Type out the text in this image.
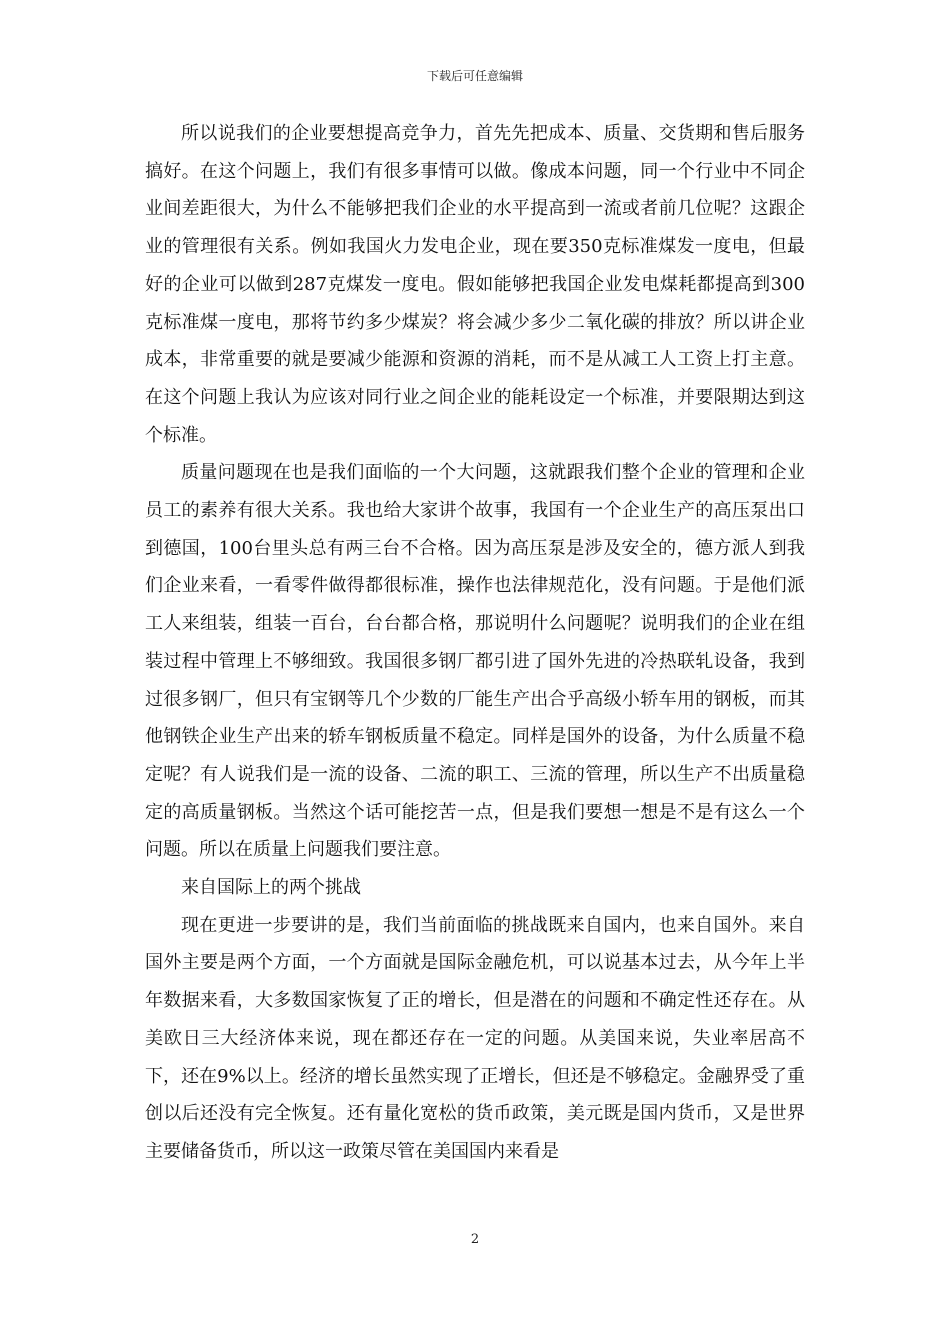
下载后可任意编辑

所以说我们的企业要想提高竞争力，首先先把成本、质量、交货期和售后服务搞好。在这个问题上，我们有很多事情可以做。像成本问题，同一个行业中不同企业间差距很大，为什么不能够把我们企业的水平提高到一流或者前几位呢？这跟企业的管理很有关系。例如我国火力发电企业，现在要350克标准煤发一度电，但最好的企业可以做到287克煤发一度电。假如能够把我国企业发电煤耗都提高到300克标准煤一度电，那将节约多少煤炭？将会减少多少二氧化碳的排放？所以讲企业成本，非常重要的就是要减少能源和资源的消耗，而不是从减工人工资上打主意。在这个问题上我认为应该对同行业之间企业的能耗设定一个标准，并要限期达到这个标准。

质量问题现在也是我们面临的一个大问题，这就跟我们整个企业的管理和企业员工的素养有很大关系。我也给大家讲个故事，我国有一个企业生产的高压泵出口到德国，100台里头总有两三台不合格。因为高压泵是涉及安全的，德方派人到我们企业来看，一看零件做得都很标准，操作也法律规范化，没有问题。于是他们派工人来组装，组装一百台，台台都合格，那说明什么问题呢？说明我们的企业在组装过程中管理上不够细致。我国很多钢厂都引进了国外先进的冷热联轧设备，我到过很多钢厂，但只有宝钢等几个少数的厂能生产出合乎高级小轿车用的钢板，而其他钢铁企业生产出来的轿车钢板质量不稳定。同样是国外的设备，为什么质量不稳定呢？有人说我们是一流的设备、二流的职工、三流的管理，所以生产不出质量稳定的高质量钢板。当然这个话可能挖苦一点，但是我们要想一想是不是有这么一个问题。所以在质量上问题我们要注意。

来自国际上的两个挑战

现在更进一步要讲的是，我们当前面临的挑战既来自国内，也来自国外。来自国外主要是两个方面，一个方面就是国际金融危机，可以说基本过去，从今年上半年数据来看，大多数国家恢复了正的增长，但是潜在的问题和不确定性还存在。从美欧日三大经济体来说，现在都还存在一定的问题。从美国来说，失业率居高不下，还在9%以上。经济的增长虽然实现了正增长，但还是不够稳定。金融界受了重创以后还没有完全恢复。还有量化宽松的货币政策，美元既是国内货币，又是世界主要储备货币，所以这一政策尽管在美国国内来看是

2
